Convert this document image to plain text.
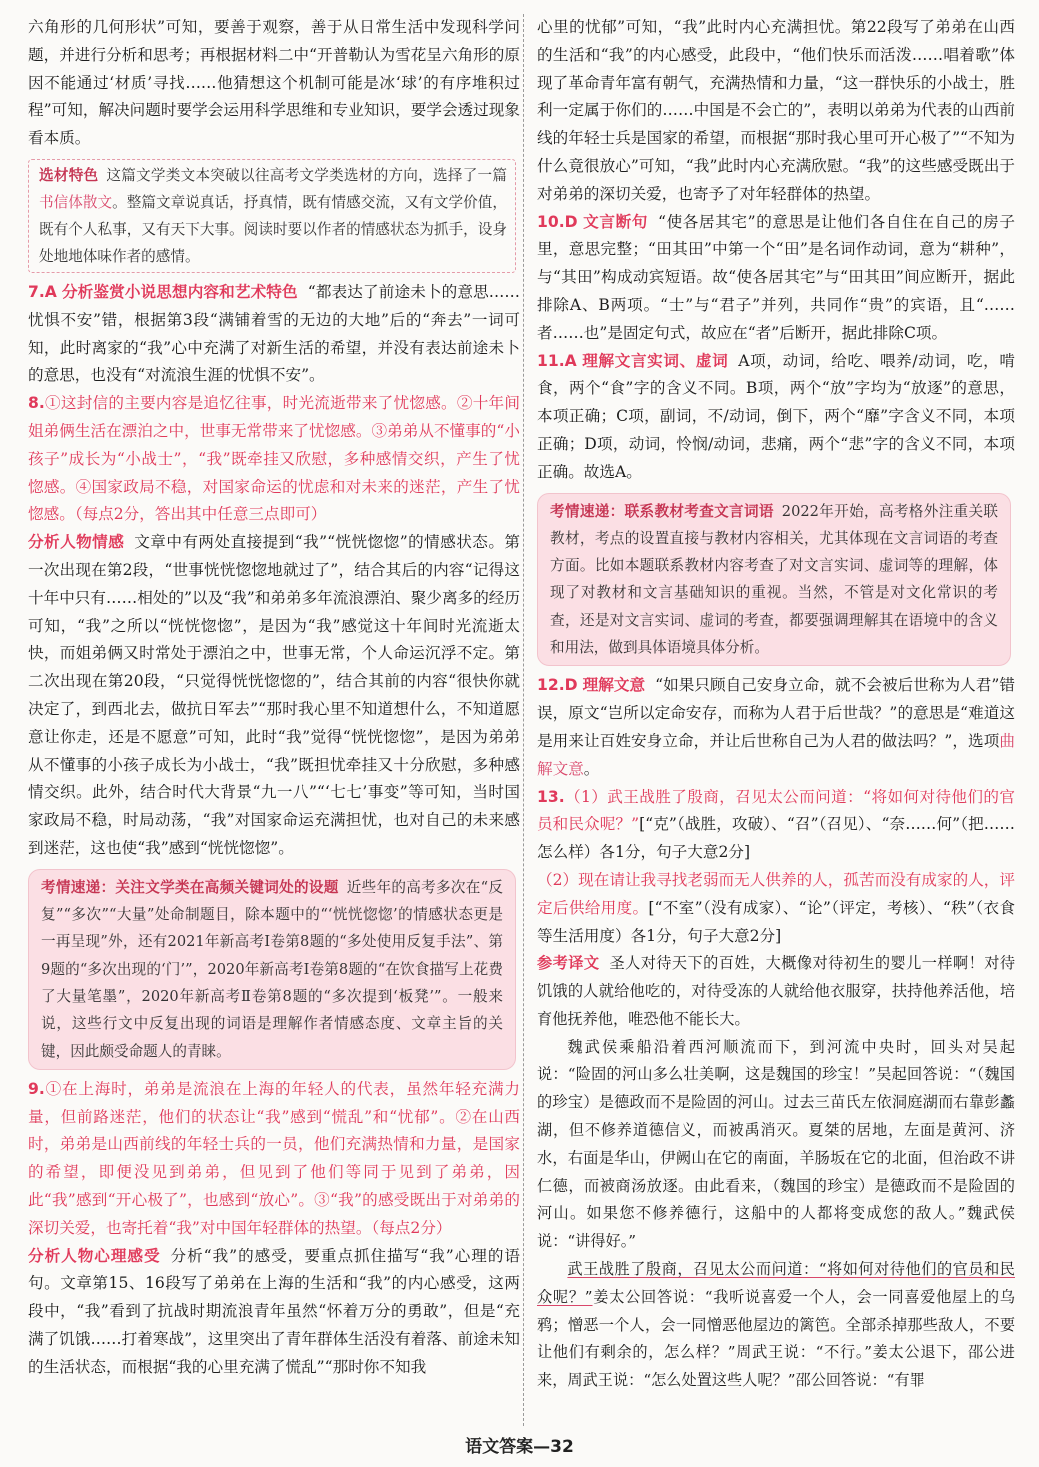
六角形的几何形状”可知，要善于观察，善于从日常生活中发现科学问题，并进行分析和思考；再根据材料二中“开普勒认为雪花呈六角形的原因不能通过‘材质’寻找……他猜想这个机制可能是冰‘球’的有序堆积过程”可知，解决问题时要学会运用科学思维和专业知识，要学会透过现象看本质。

选材特色 这篇文学类文本突破以往高考文学类选材的方向，选择了一篇书信体散文。整篇文章说真话，抒真情，既有情感交流，又有文学价值，既有个人私事，又有天下大事。阅读时要以作者的情感状态为抓手，设身处地地体味作者的感情。

7.A 分析鉴赏小说思想内容和艺术特色 “都表达了前途未卜的意思……忧惧不安”错，根据第3段“满铺着雪的无边的大地”后的“奔去”一词可知，此时离家的“我”心中充满了对新生活的希望，并没有表达前途未卜的意思，也没有“对流浪生涯的忧惧不安”。

8.①这封信的主要内容是追忆往事，时光流逝带来了忧惚感。②十年间姐弟俩生活在漂泊之中，世事无常带来了忧惚感。③弟弟从不懂事的“小孩子”成长为“小战士”，“我”既牵挂又欣慰，多种感情交织，产生了忧惚感。④国家政局不稳，对国家命运的忧虑和对未来的迷茫，产生了忧惚感。（每点2分，答出其中任意三点即可）

分析人物情感 文章中有两处直接提到“我”“恍恍惚惚”的情感状态。第一次出现在第2段，“世事恍恍惚惚地就过了”，结合其后的内容“记得这十年中只有……相处的”以及“我”和弟弟多年流浪漂泊、聚少离多的经历可知，“我”之所以“恍恍惚惚”，是因为“我”感觉这十年间时光流逝太快，而姐弟俩又时常处于漂泊之中，世事无常，个人命运沉浮不定。第二次出现在第20段，“只觉得恍恍惚惚的”，结合其前的内容“很快你就决定了，到西北去，做抗日军去”“那时我心里不知道想什么，不知道愿意让你走，还是不愿意”可知，此时“我”觉得“恍恍惚惚”，是因为弟弟从不懂事的小孩子成长为小战士，“我”既担忧牵挂又十分欣慰，多种感情交织。此外，结合时代大背景“九一八”“‘七七’事变”等可知，当时国家政局不稳，时局动荡，“我”对国家命运充满担忧，也对自己的未来感到迷茫，这也使“我”感到“恍恍惚惚”。

考情速递：关注文学类在高频关键词处的设题 近些年的高考多次在“反复”“多次”“大量”处命制题目，除本题中的“‘恍恍惚惚’的情感状态更是一再呈现”外，还有2021年新高考Ⅰ卷第8题的“多处使用反复手法”、第9题的“多次出现的‘门’”，2020年新高考Ⅰ卷第8题的“在饮食描写上花费了大量笔墨”，2020年新高考Ⅱ卷第8题的“多次提到‘板凳’”。一般来说，这些行文中反复出现的词语是理解作者情感态度、文章主旨的关键，因此颇受命题人的青睐。

9.①在上海时，弟弟是流浪在上海的年轻人的代表，虽然年轻充满力量，但前路迷茫，他们的状态让“我”感到“慌乱”和“忧郁”。②在山西时，弟弟是山西前线的年轻士兵的一员，他们充满热情和力量，是国家的希望，即便没见到弟弟，但见到了他们等同于见到了弟弟，因此“我”感到“开心极了”，也感到“放心”。③“我”的感受既出于对弟弟的深切关爱，也寄托着“我”对中国年轻群体的热望。（每点2分）

分析人物心理感受 分析“我”的感受，要重点抓住描写“我”心理的语句。文章第15、16段写了弟弟在上海的生活和“我”的内心感受，这两段中，“我”看到了抗战时期流浪青年虽然“怀着万分的勇敢”，但是“充满了饥饿……打着寒战”，这里突出了青年群体生活没有着落、前途未知的生活状态，而根据“我的心里充满了慌乱”“那时你不知我

心里的忧郁”可知，“我”此时内心充满担忧。第22段写了弟弟在山西的生活和“我”的内心感受，此段中，“他们快乐而活泼……唱着歌”体现了革命青年富有朝气，充满热情和力量，“这一群快乐的小战士，胜利一定属于你们的……中国是不会亡的”，表明以弟弟为代表的山西前线的年轻士兵是国家的希望，而根据“那时我心里可开心极了”“不知为什么竟很放心”可知，“我”此时内心充满欣慰。“我”的这些感受既出于对弟弟的深切关爱，也寄予了对年轻群体的热望。

10.D 文言断句 “使各居其宅”的意思是让他们各自住在自己的房子里，意思完整；“田其田”中第一个“田”是名词作动词，意为“耕种”，与“其田”构成动宾短语。故“使各居其宅”与“田其田”间应断开，据此排除A、B两项。“士”与“君子”并列，共同作“贵”的宾语，且“……者……也”是固定句式，故应在“者”后断开，据此排除C项。

11.A 理解文言实词、虚词 A项，动词，给吃、喂养/动词，吃，啃食，两个“食”字的含义不同。B项，两个“放”字均为“放逐”的意思，本项正确；C项，副词，不/动词，倒下，两个“靡”字含义不同，本项正确；D项，动词，怜悯/动词，悲痛，两个“悲”字的含义不同，本项正确。故选A。

考情速递：联系教材考查文言词语 2022年开始，高考格外注重关联教材，考点的设置直接与教材内容相关，尤其体现在文言词语的考查方面。比如本题联系教材内容考查了对文言实词、虚词等的理解，体现了对教材和文言基础知识的重视。当然，不管是对文化常识的考查，还是对文言实词、虚词的考查，都要强调理解其在语境中的含义和用法，做到具体语境具体分析。

12.D 理解文意 “如果只顾自己安身立命，就不会被后世称为人君”错误，原文“岂所以定命安存，而称为人君于后世哉？”的意思是“难道这是用来让百姓安身立命，并让后世称自己为人君的做法吗？”，选项曲解文意。

13.（1）武王战胜了殷商，召见太公而问道：“将如何对待他们的官员和民众呢？”[“克”（战胜，攻破）、“召”（召见）、“奈……何”（把……怎么样）各1分，句子大意2分]

（2）现在请让我寻找老弱而无人供养的人，孤苦而没有成家的人，评定后供给用度。[“不室”（没有成家）、“论”（评定，考核）、“秩”（衣食等生活用度）各1分，句子大意2分]

参考译文 圣人对待天下的百姓，大概像对待初生的婴儿一样啊！对待饥饿的人就给他吃的，对待受冻的人就给他衣服穿，扶持他养活他，培育他抚养他，唯恐他不能长大。

魏武侯乘船沿着西河顺流而下，到河流中央时，回头对吴起说：“险固的河山多么壮美啊，这是魏国的珍宝！”吴起回答说：“（魏国的珍宝）是德政而不是险固的河山。过去三苗氏左依洞庭湖而右靠彭蠡湖，但不修养道德信义，而被禹消灭。夏桀的居地，左面是黄河、济水，右面是华山，伊阙山在它的南面，羊肠坂在它的北面，但治政不讲仁德，而被商汤放逐。由此看来，（魏国的珍宝）是德政而不是险固的河山。如果您不修养德行，这船中的人都将变成您的敌人。”魏武侯说：“讲得好。”

武王战胜了殷商，召见太公而问道：“将如何对待他们的官员和民众呢？”姜太公回答说：“我听说喜爱一个人，会一同喜爱他屋上的乌鸦；憎恶一个人，会一同憎恶他屋边的篱笆。全部杀掉那些敌人，不要让他们有剩余的，怎么样？”周武王说：“不行。”姜太公退下，邵公进来，周武王说：“怎么处置这些人呢？”邵公回答说：“有罪

语文答案—32
